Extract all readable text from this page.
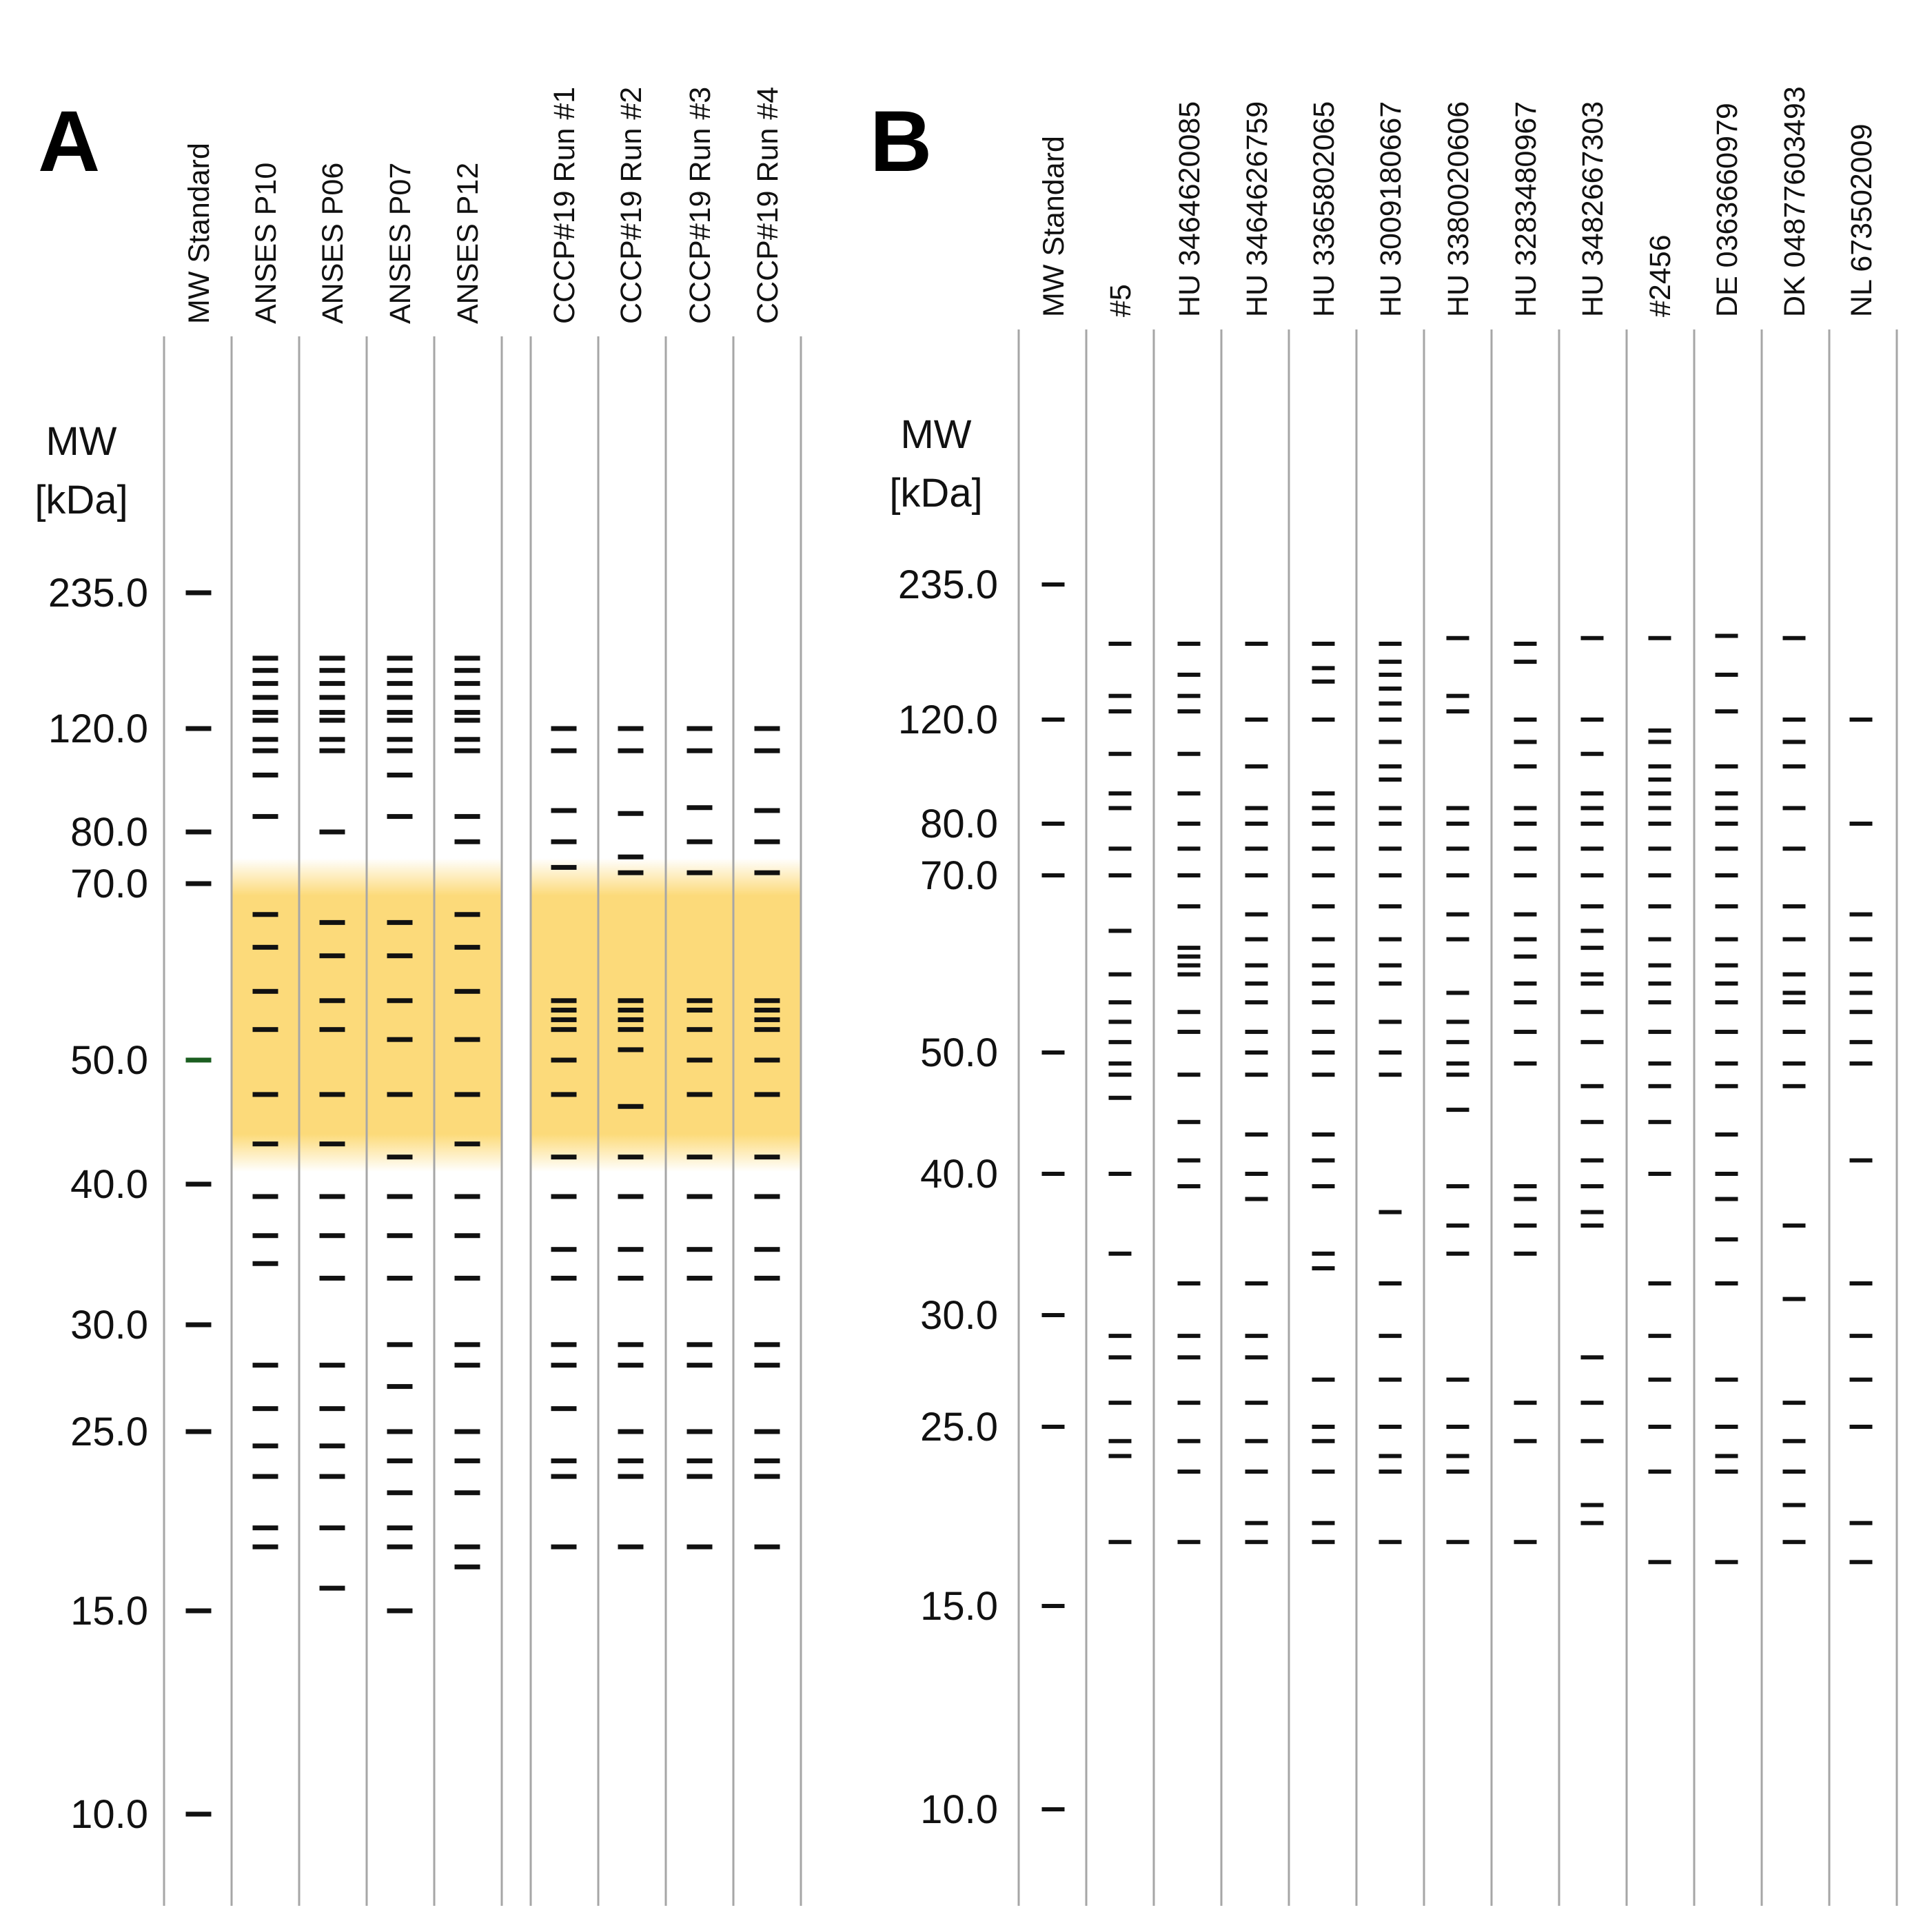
A
MW
[kDa]
235.0
120.0
80.0
70.0
50.0
40.0
30.0
25.0
15.0
10.0
MW Standard ANSES P10 ANSES P06 ANSES P07 ANSES P12 CCCP#19 Run #1 CCCP#19 Run #2 CCCP#19 Run #3 CCCP#19 Run #4 B
MW
[kDa]
235.0
120.0
80.0
70.0
50.0
40.0
30.0
25.0
15.0
10.0
MW Standard #5 HU 3464620085 HU 3464626759 HU 3365802065 HU 3009180667 HU 3380020606 HU 3283480967 HU 3482667303 #2456 DE 0363660979 DK 04877603493 NL 673502009
